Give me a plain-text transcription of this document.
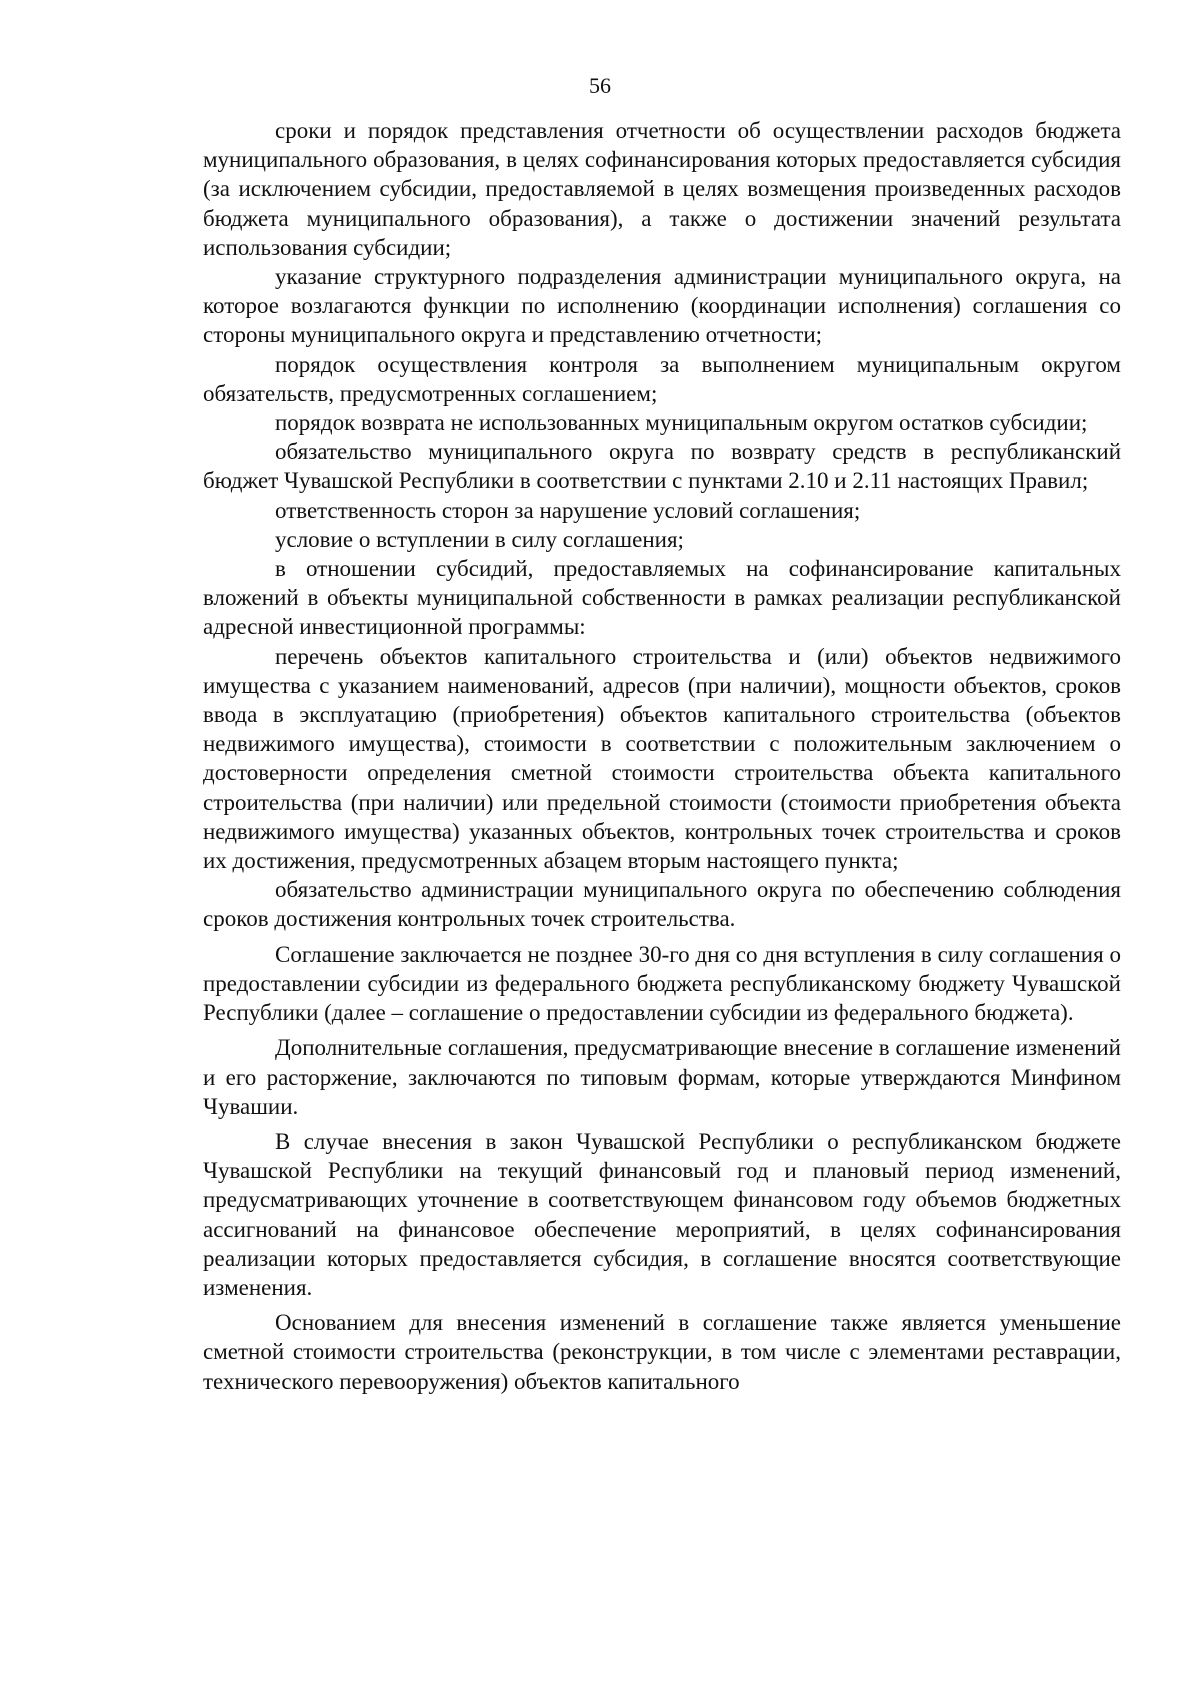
56

сроки и порядок представления отчетности об осуществлении расходов бюджета муниципального образования, в целях софинансирования которых предоставляется субсидия (за исключением субсидии, предоставляемой в целях возмещения произведенных расходов бюджета муниципального образования), а также о достижении значений результата использования субсидии;

указание структурного подразделения администрации муниципального округа, на которое возлагаются функции по исполнению (координации исполнения) соглашения со стороны муниципального округа и представлению отчетности;

порядок осуществления контроля за выполнением муниципальным округом обязательств, предусмотренных соглашением;

порядок возврата не использованных муниципальным округом остатков субсидии;

обязательство муниципального округа по возврату средств в республиканский бюджет Чувашской Республики в соответствии с пунктами 2.10 и 2.11 настоящих Правил;

ответственность сторон за нарушение условий соглашения;

условие о вступлении в силу соглашения;

в отношении субсидий, предоставляемых на софинансирование капитальных вложений в объекты муниципальной собственности в рамках реализации республиканской адресной инвестиционной программы:

перечень объектов капитального строительства и (или) объектов недвижимого имущества с указанием наименований, адресов (при наличии), мощности объектов, сроков ввода в эксплуатацию (приобретения) объектов капитального строительства (объектов недвижимого имущества), стоимости в соответствии с положительным заключением о достоверности определения сметной стоимости строительства объекта капитального строительства (при наличии) или предельной стоимости (стоимости приобретения объекта недвижимого имущества) указанных объектов, контрольных точек строительства и сроков их достижения, предусмотренных абзацем вторым настоящего пункта;

обязательство администрации муниципального округа по обеспечению соблюдения сроков достижения контрольных точек строительства.

Соглашение заключается не позднее 30-го дня со дня вступления в силу соглашения о предоставлении субсидии из федерального бюджета республиканскому бюджету Чувашской Республики (далее – соглашение о предоставлении субсидии из федерального бюджета).

Дополнительные соглашения, предусматривающие внесение в соглашение изменений и его расторжение, заключаются по типовым формам, которые утверждаются Минфином Чувашии.

В случае внесения в закон Чувашской Республики о республиканском бюджете Чувашской Республики на текущий финансовый год и плановый период изменений, предусматривающих уточнение в соответствующем финансовом году объемов бюджетных ассигнований на финансовое обеспечение мероприятий, в целях софинансирования реализации которых предоставляется субсидия, в соглашение вносятся соответствующие изменения.

Основанием для внесения изменений в соглашение также является уменьшение сметной стоимости строительства (реконструкции, в том числе с элементами реставрации, технического перевооружения) объектов капитального
